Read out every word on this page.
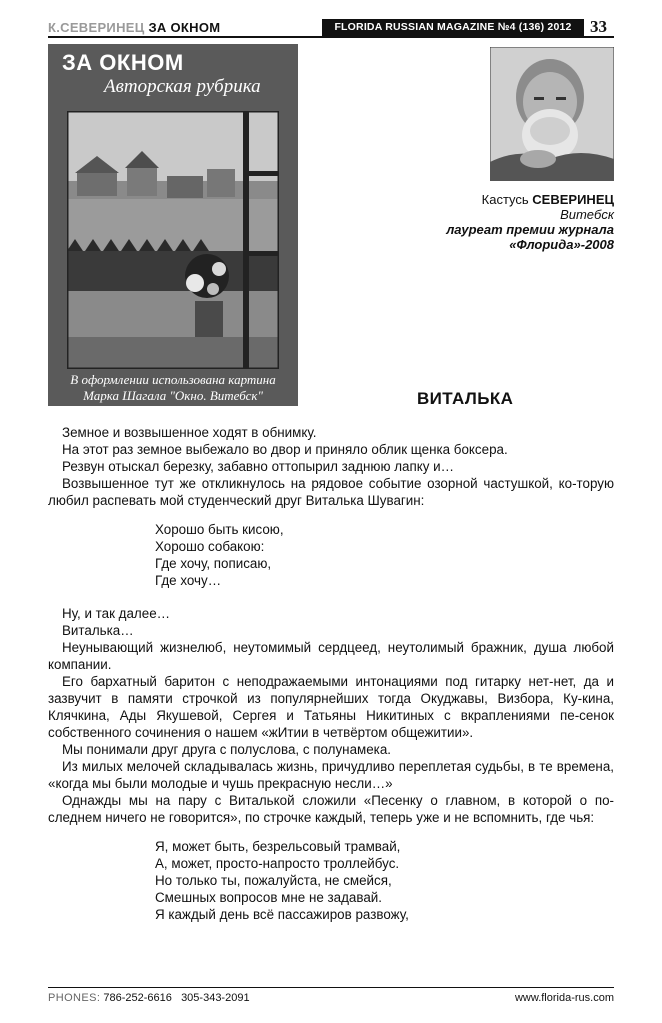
К.СЕВЕРИНЕЦ ЗА ОКНОМ	FLORIDA RUSSIAN MAGAZINE №4 (136) 2012	33
ЗА ОКНОМ
Авторская рубрика
В оформлении использована картина
Марка Шагала "Окно. Витебск"
Кастусь СЕВЕРИНЕЦ
Витебск
лауреат премии журнала
«Флорида»-2008
ВИТАЛЬКА

Земное и возвышенное ходят в обнимку.

На этот раз земное выбежало во двор и приняло облик щенка боксера.

Резвун отыскал березку, забавно оттопырил заднюю лапку и…

Возвышенное тут же откликнулось на рядовое событие озорной частушкой, ко-торую любил распевать мой студенческий друг Виталька Шувагин:

Хорошо быть кисою,
Хорошо собакою:
Где хочу, пописаю,
Где хочу…

Ну, и так далее…

Виталька…

Неунывающий жизнелюб, неутомимый сердцеед, неутолимый бражник, душа любой компании.

Его бархатный баритон с неподражаемыми интонациями под гитарку нет-нет, да и зазвучит в памяти строчкой из популярнейших тогда Окуджавы, Визбора, Ку-кина, Клячкина, Ады Якушевой, Сергея и Татьяны Никитиных с вкраплениями пе-сенок собственного сочинения о нашем «жИтии в четвёртом общежитии».

Мы понимали друг друга с полуслова, с полунамека.

Из милых мелочей складывалась жизнь, причудливо переплетая судьбы, в те времена, «когда мы были молодые и чушь прекрасную несли…»

Однажды мы на пару с Виталькой сложили «Песенку о главном, в которой о по-следнем ничего не говорится», по строчке каждый, теперь уже и не вспомнить, где чья:

Я, может быть, безрельсовый трамвай,
А, может, просто-напросто троллейбус.
Но только ты, пожалуйста, не смейся,
Смешных вопросов мне не задавай.
Я каждый день всё пассажиров развожу,
PHONES: 786-252-6616 305-343-2091	www.florida-rus.com
